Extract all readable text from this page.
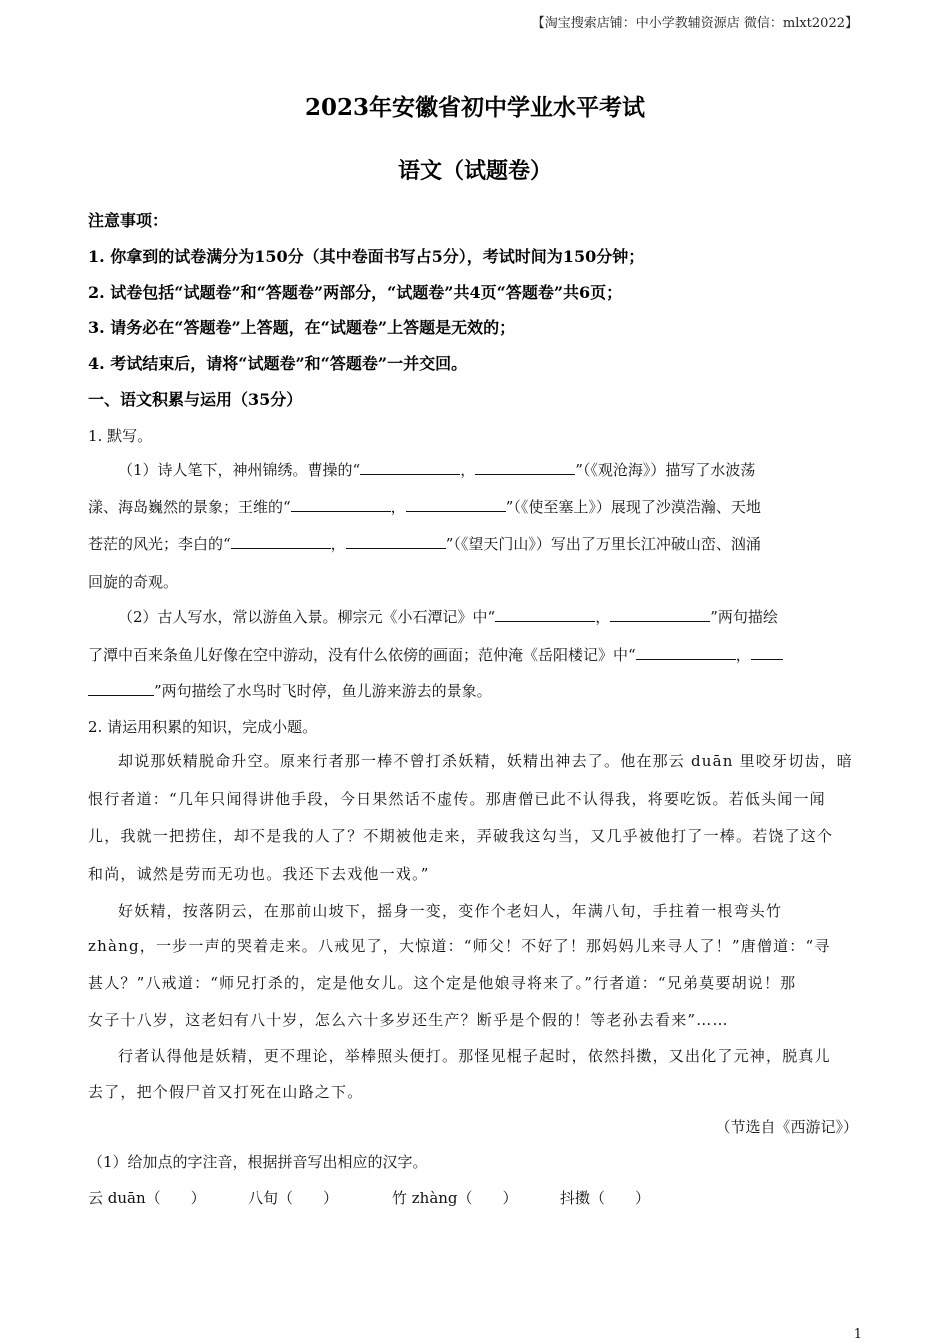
【淘宝搜索店铺：中小学教辅资源店 微信：mlxt2022】
2023年安徽省初中学业水平考试
语文（试题卷）
注意事项：
1. 你拿到的试卷满分为150分（其中卷面书写占5分），考试时间为150分钟；
2. 试卷包括“试题卷”和“答题卷”两部分，“试题卷”共4页“答题卷”共6页；
3. 请务必在“答题卷”上答题，在“试题卷”上答题是无效的；
4. 考试结束后，请将“试题卷”和“答题卷”一并交回。
一、语文积累与运用（35分）
1. 默写。
（1）诗人笔下，神州锦绣。曹操的“	，	”（《观沧海》）描写了水波荡
漾、海岛巍然的景象；王维的“	，	”（《使至塞上》）展现了沙漠浩瀚、天地
苍茫的风光；李白的“	，	”（《望天门山》）写出了万里长江冲破山峦、汹涌
回旋的奇观。
（2）古人写水，常以游鱼入景。柳宗元《小石潭记》中“	，	”两句描绘
了潭中百来条鱼儿好像在空中游动，没有什么依傍的画面；范仲淹《岳阳楼记》中“	，
”两句描绘了水鸟时飞时停，鱼儿游来游去的景象。
2. 请运用积累的知识，完成小题。
却说那妖精脱命升空。原来行者那一棒不曾打杀妖精，妖精出神去了。他在那云 duān 里咬牙切齿，暗
恨行者道：“几年只闻得讲他手段，今日果然话不虚传。那唐僧已此不认得我，将要吃饭。若低头闻一闻
儿，我就一把捞住，却不是我的人了？不期被他走来，弄破我这勾当，又几乎被他打了一棒。若饶了这个
和尚，诚然是劳而无功也。我还下去戏他一戏。”
好妖精，按落阴云，在那前山坡下，摇身一变，变作个老妇人，年满八旬，手拄着一根弯头竹
zhàng，一步一声的哭着走来。八戒见了，大惊道：“师父！不好了！那妈妈儿来寻人了！”唐僧道：“寻
甚人？”八戒道：“师兄打杀的，定是他女儿。这个定是他娘寻将来了。”行者道：“兄弟莫要胡说！那
女子十八岁，这老妇有八十岁，怎么六十多岁还生产？断乎是个假的！等老孙去看来”……
行者认得他是妖精，更不理论，举棒照头便打。那怪见棍子起时，依然抖擞，又出化了元神，脱真儿
去了，把个假尸首又打死在山路之下。
（节选自《西游记》）
（1）给加点的字注音，根据拼音写出相应的汉字。
云 duān（　　）	八旬（　　）	竹 zhàng（　　）	抖擞（　　）
1
